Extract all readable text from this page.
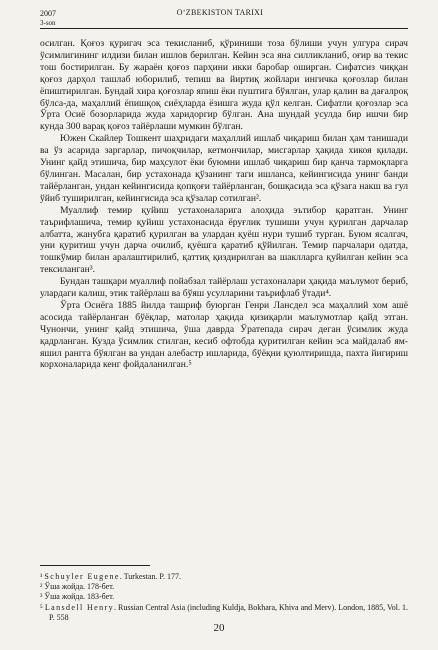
2007
3-son
O‘ZBEKISTON TARIXI

осилган. Қоғоз қуригач эса текисланиб, қўриниши тоза бўлиши учун улгура сирач ўсимлигининг илдизи билан ишлов берилган. Кейин эса яна силликланиб, оғир ва текис тош бостирилган. Бу жараён қоғоз парҳини икки баробар оширган. Сифатсиз чиққан қоғоз дарҳол ташлаб юборилиб, тепиш ва йиртиқ жойлари ингичка қоғозлар билан ёпиштирилган. Бундай хира қоғозлар япиш ёки пуштига бўялган, улар қалин ва дағалроқ бўлса-да, маҳаллий ёпишқоқ сиёҳларда ёзишга жуда қўл келган. Сифатли қоғозлар эса Ўрта Осиё бозорларида жуда харидоргир бўлган. Ана шундай усулда бир ишчи бир кунда 300 варақ қоғоз тайёрлаши мумкин бўлган.

Южен Скайлер Тошкент шаҳридаги маҳаллий ишлаб чиқариш билан ҳам танишади ва ўз асарида заргарлар, пичоқчилар, кетмончилар, мисгарлар ҳақида хикоя қилади. Унинг қайд этишича, бир маҳсулот ёки буюмни ишлаб чиқариш бир қанча тармоқларга бўлинган. Масалан, бир устахонада қўзанинг таги ишланса, кейингисида унинг банди тайёрланган, ундан кейингисида қопқоғи тайёрланган, бошқасида эса қўзага накш ва гул ўйиб туширилган, кейингисида эса қўзалар сотилган².

Муаллиф темир қуйиш устахоналарига алоҳида эътибор қаратган. Унинг таърифлашича, темир қуйиш устахонасида ёруғлик тушиши учун қурилган дарчалар албатта, жанубга қаратиб қурилган ва улардан қуёш нури тушиб турган. Буюм ясалгач, уни қуритиш учун дарча очилиб, қуёшга қаратиб қўйилган. Темир парчалари одатда, тошкўмир билан аралаштирилиб, қаттиқ қиздирилган ва шаклларга қуйилган кейин эса тексиланган³.

Бундан ташқари муаллиф пойабзал тайёрлаш устахоналари ҳақида маълумот бериб, улардаги калиш, этик тайёрлаш ва бўяш усулларини таърифлаб ўтади⁴.

Ўрта Осиёга 1885 йилда ташриф буюрган Генри Лансдел эса маҳаллий хом ашё асосида тайёрланган бўёқлар, матолар ҳақида қизиқарли маълумотлар қайд этган. Чунончи, унинг қайд этишича, ўша даврда Ўратепада сирач деган ўсимлик жуда қадрланган. Кузда ўсимлик стилган, кесиб офтобда қуритилган кейин эса майдалаб ям-яшил рангга бўялган ва ундан алебастр ишларида, бўёқни қуюлтиришда, пахта йигириш корхоналарида кенг фойдаланилган.⁵

¹ Schuyler Eugene. Turkestan. P. 177.

² Ўша жойда. 178-бет.

³ Ўша жойда. 183-бет.

⁵ Lansdell Henry. Russian Central Asia (including Kuldja, Bokhara, Khiva and Merv). London, 1885, Vol. 1. P. 558

20
